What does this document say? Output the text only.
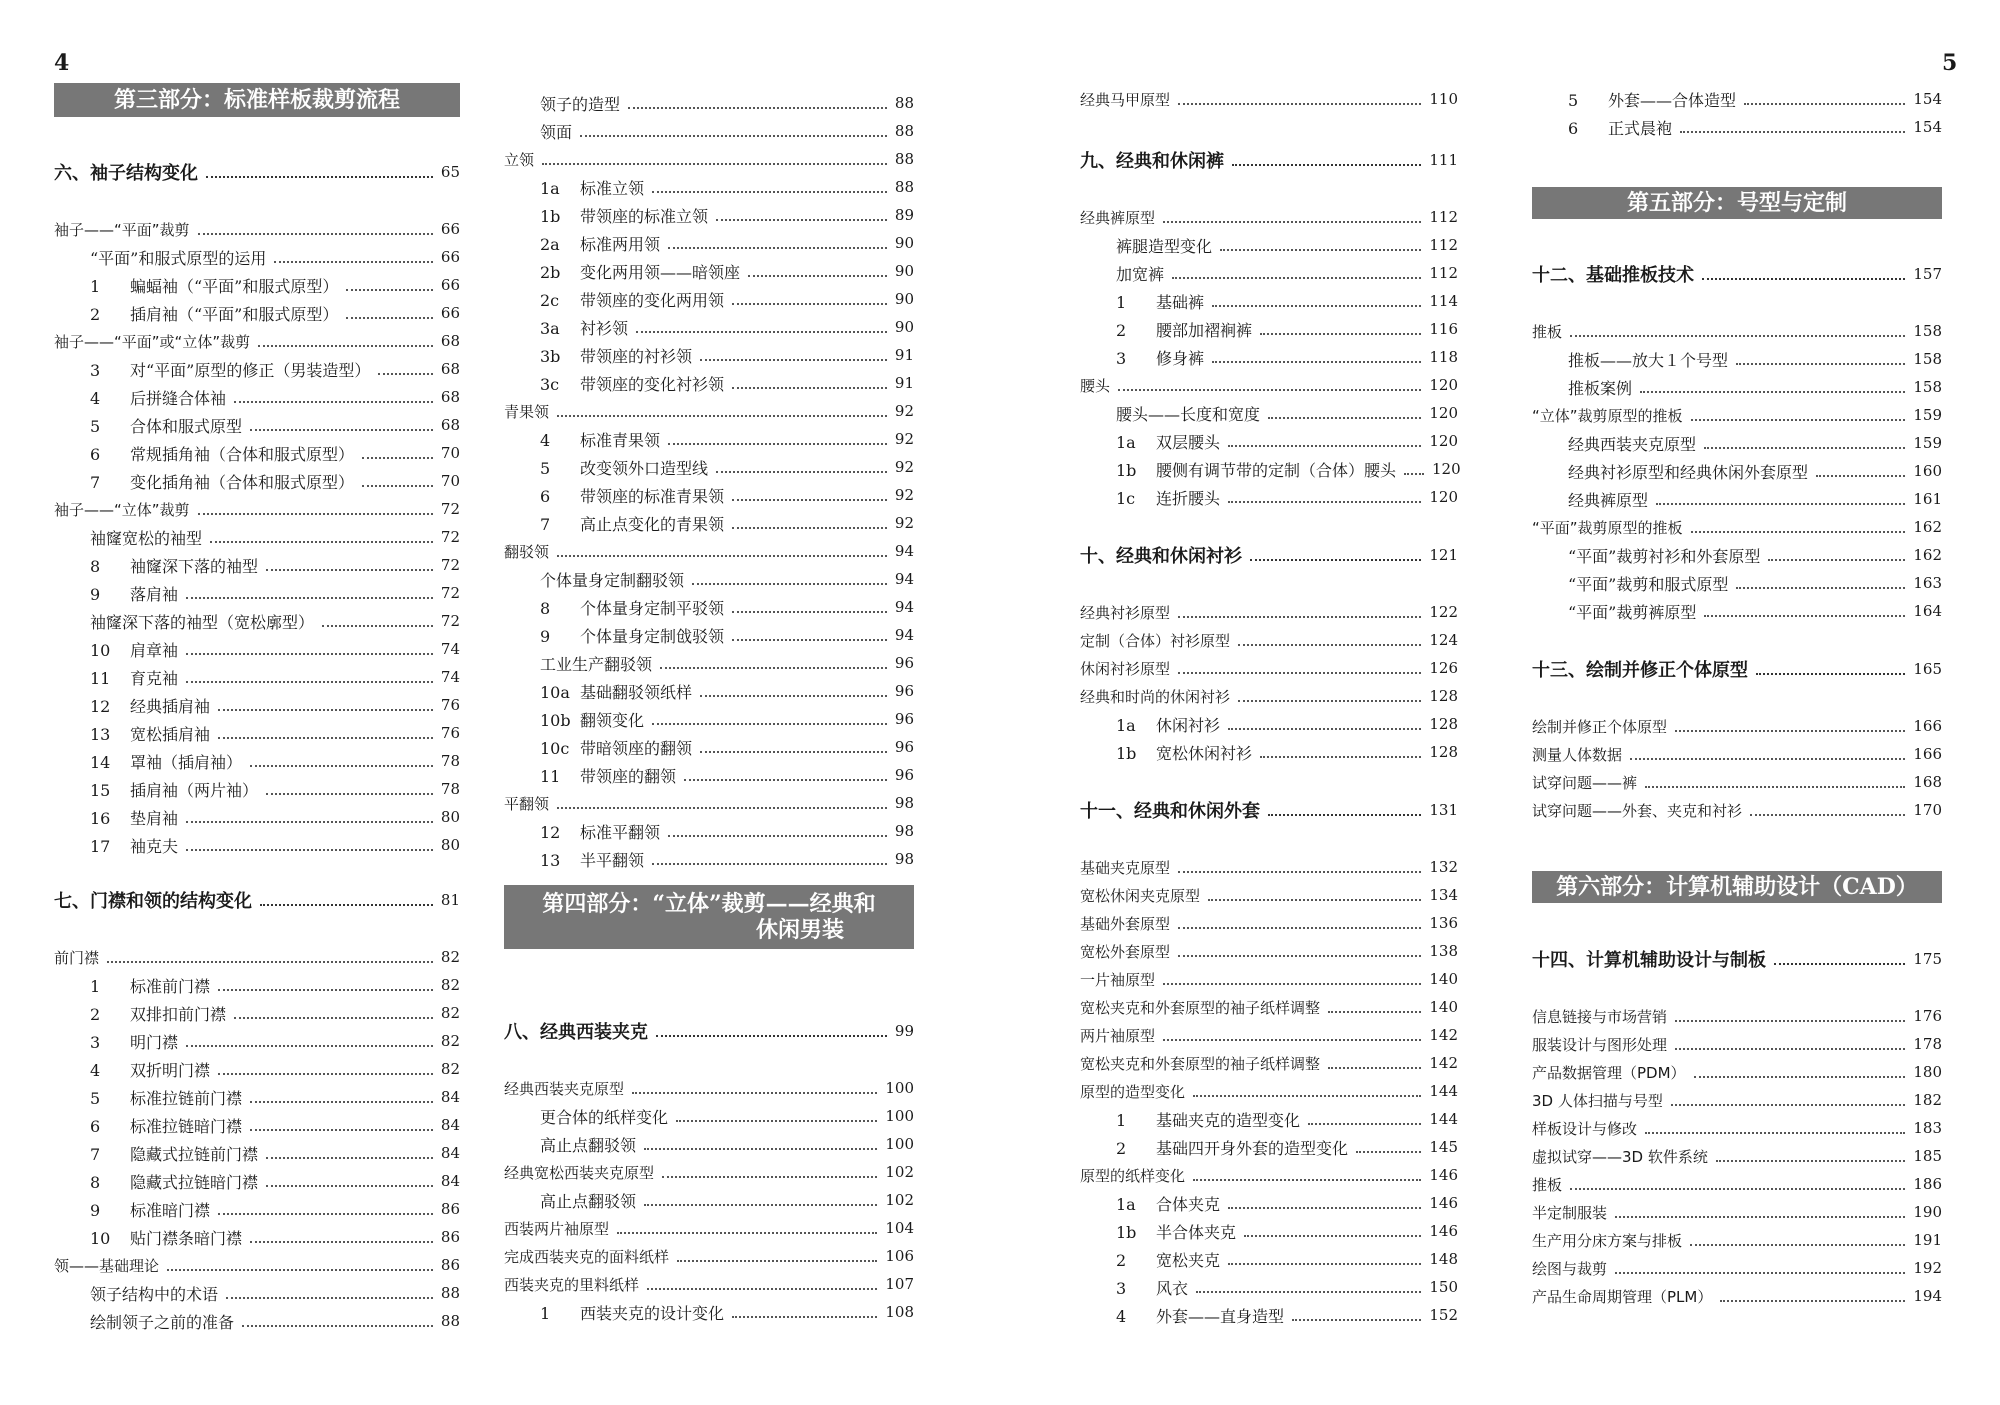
4	5
第三部分：标准样板裁剪流程
六、袖子结构变化	65
袖子——“平面”裁剪	66
“平面”和服式原型的运用	66
1 蝙蝠袖（“平面”和服式原型）	66
2 插肩袖（“平面”和服式原型）	66
袖子——“平面”或“立体”裁剪	68
3 对“平面”原型的修正（男装造型）	68
4 后拼缝合体袖	68
5 合体和服式原型	68
6 常规插角袖（合体和服式原型）	70
7 变化插角袖（合体和服式原型）	70
袖子——“立体”裁剪	72
袖窿宽松的袖型	72
8 袖窿深下落的袖型	72
9 落肩袖	72
袖窿深下落的袖型（宽松廓型）	72
10 肩章袖	74
11 育克袖	74
12 经典插肩袖	76
13 宽松插肩袖	76
14 罩袖（插肩袖）	78
15 插肩袖（两片袖）	78
16 垫肩袖	80
17 袖克夫	80
七、门襟和领的结构变化	81
前门襟	82
1 标准前门襟	82
2 双排扣前门襟	82
3 明门襟	82
4 双折明门襟	82
5 标准拉链前门襟	84
6 标准拉链暗门襟	84
7 隐藏式拉链前门襟	84
8 隐藏式拉链暗门襟	84
9 标准暗门襟	86
10 贴门襟条暗门襟	86
领——基础理论	86
领子结构中的术语	88
绘制领子之前的准备	88
领子的造型	88
领面	88
立领	88
1a 标准立领	88
1b 带领座的标准立领	89
2a 标准两用领	90
2b 变化两用领——暗领座	90
2c 带领座的变化两用领	90
3a 衬衫领	90
3b 带领座的衬衫领	91
3c 带领座的变化衬衫领	91
青果领	92
4 标准青果领	92
5 改变领外口造型线	92
6 带领座的标准青果领	92
7 高止点变化的青果领	92
翻驳领	94
个体量身定制翻驳领	94
8 个体量身定制平驳领	94
9 个体量身定制戗驳领	94
工业生产翻驳领	96
10a 基础翻驳领纸样	96
10b 翻领变化	96
10c 带暗领座的翻领	96
11 带领座的翻领	96
平翻领	98
12 标准平翻领	98
13 半平翻领	98
第四部分：“立体”裁剪——经典和
休闲男装
八、经典西装夹克	99
经典西装夹克原型	100
更合体的纸样变化	100
高止点翻驳领	100
经典宽松西装夹克原型	102
高止点翻驳领	102
西装两片袖原型	104
完成西装夹克的面料纸样	106
西装夹克的里料纸样	107
1 西装夹克的设计变化	108
经典马甲原型	110
九、经典和休闲裤	111
经典裤原型	112
裤腿造型变化	112
加宽裤	112
1 基础裤	114
2 腰部加褶裥裤	116
3 修身裤	118
腰头	120
腰头——长度和宽度	120
1a 双层腰头	120
1b 腰侧有调节带的定制（合体）腰头 120
1c 连折腰头	120
十、经典和休闲衬衫	121
经典衬衫原型	122
定制（合体）衬衫原型	124
休闲衬衫原型	126
经典和时尚的休闲衬衫	128
1a 休闲衬衫	128
1b 宽松休闲衬衫	128
十一、经典和休闲外套	131
基础夹克原型	132
宽松休闲夹克原型	134
基础外套原型	136
宽松外套原型	138
一片袖原型	140
宽松夹克和外套原型的袖子纸样调整	140
两片袖原型	142
宽松夹克和外套原型的袖子纸样调整	142
原型的造型变化	144
1 基础夹克的造型变化	144
2 基础四开身外套的造型变化	145
原型的纸样变化	146
1a 合体夹克	146
1b 半合体夹克	146
2 宽松夹克	148
3 风衣	150
4 外套——直身造型	152
5 外套——合体造型	154
6 正式晨袍	154
第五部分：号型与定制
十二、基础推板技术	157
推板	158
推板——放大１个号型	158
推板案例	158
“立体”裁剪原型的推板	159
经典西装夹克原型	159
经典衬衫原型和经典休闲外套原型	160
经典裤原型	161
“平面”裁剪原型的推板	162
“平面”裁剪衬衫和外套原型	162
“平面”裁剪和服式原型	163
“平面”裁剪裤原型	164
十三、绘制并修正个体原型	165
绘制并修正个体原型	166
测量人体数据	166
试穿问题——裤	168
试穿问题——外套、夹克和衬衫	170
第六部分：计算机辅助设计（CAD）
十四、计算机辅助设计与制板	175
信息链接与市场营销	176
服装设计与图形处理	178
产品数据管理（PDM）	180
3D 人体扫描与号型	182
样板设计与修改	183
虚拟试穿——3D 软件系统	185
推板	186
半定制服装	190
生产用分床方案与排板	191
绘图与裁剪	192
产品生命周期管理（PLM）	194
